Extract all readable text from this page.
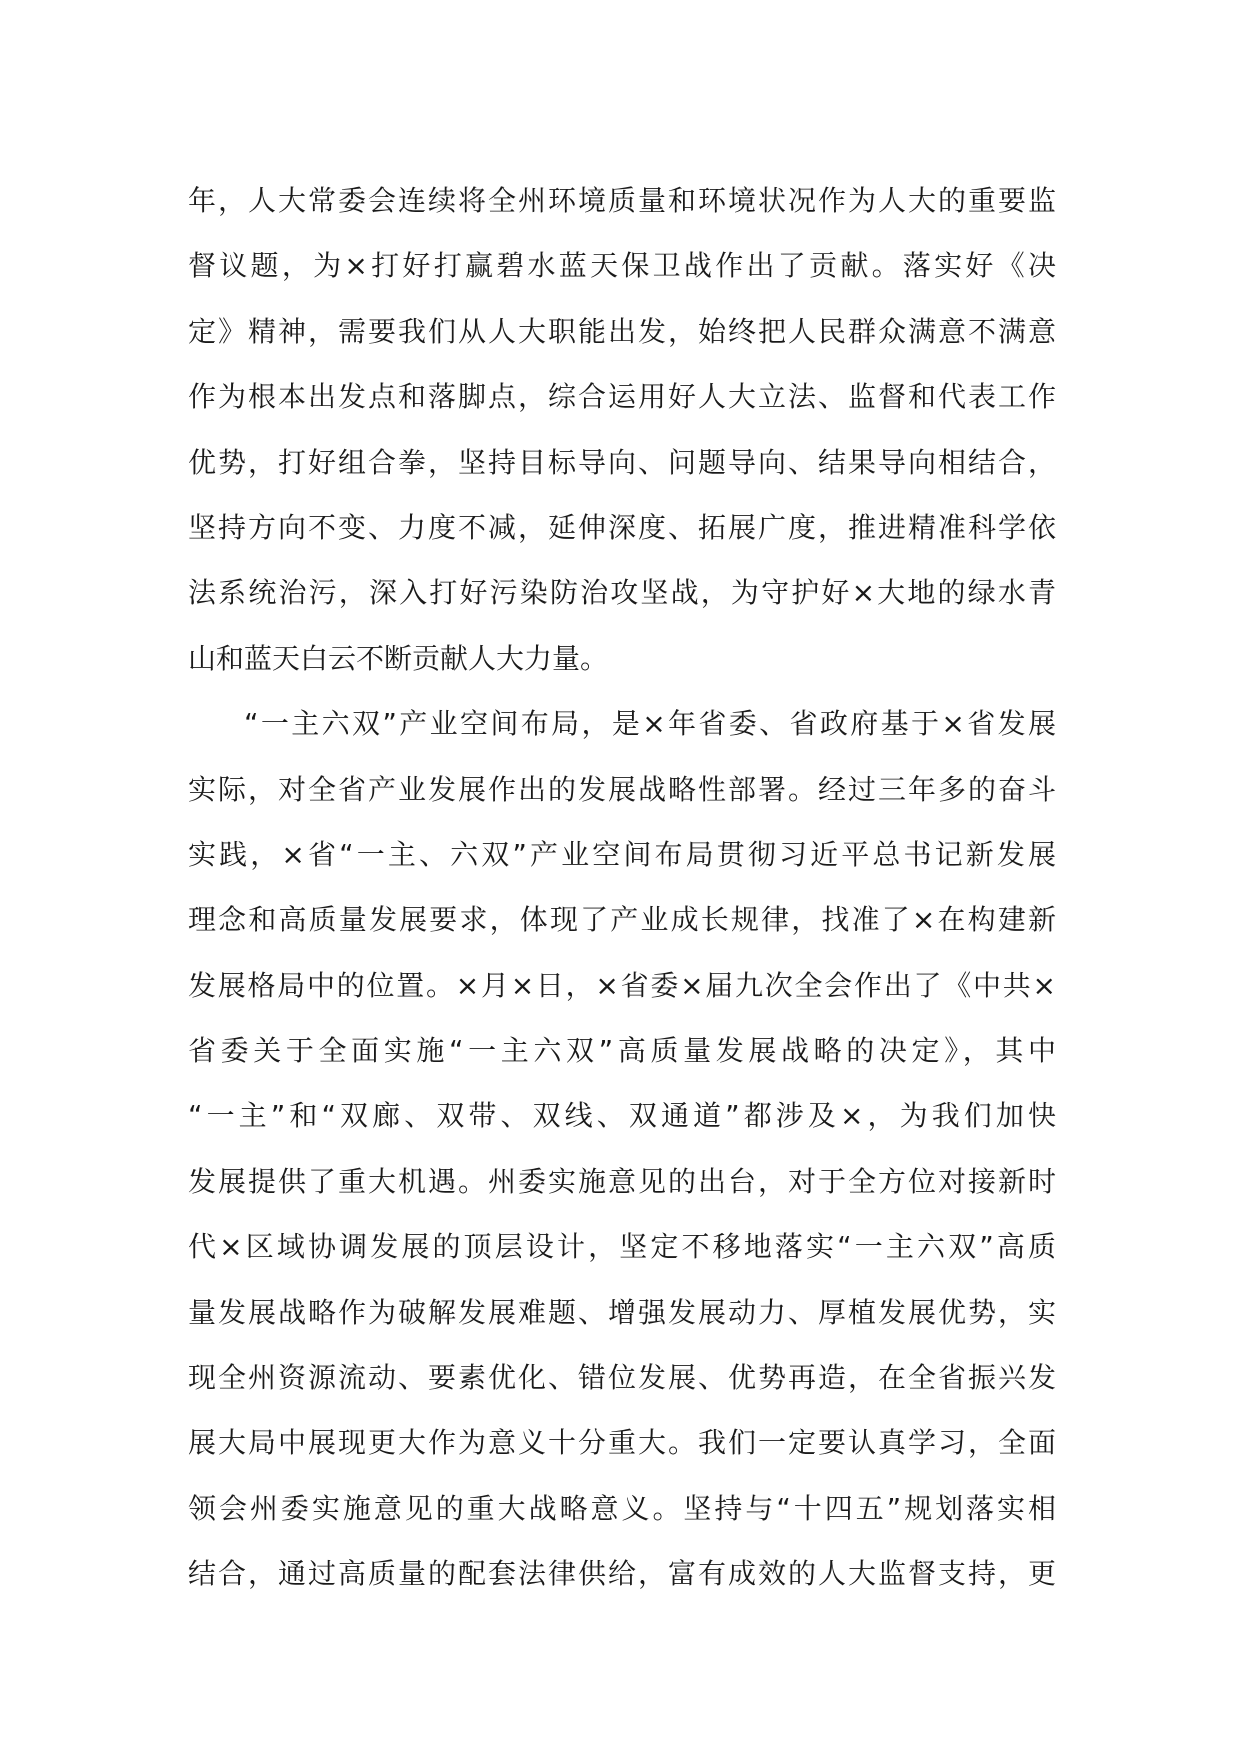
年，人大常委会连续将全州环境质量和环境状况作为人大的重要监
督议题，为×打好打赢碧水蓝天保卫战作出了贡献。落实好《决
定》精神，需要我们从人大职能出发，始终把人民群众满意不满意
作为根本出发点和落脚点，综合运用好人大立法、监督和代表工作
优势，打好组合拳，坚持目标导向、问题导向、结果导向相结合，
坚持方向不变、力度不减，延伸深度、拓展广度，推进精准科学依
法系统治污，深入打好污染防治攻坚战，为守护好×大地的绿水青
山和蓝天白云不断贡献人大力量。
“一主六双”产业空间布局，是×年省委、省政府基于×省发展
实际，对全省产业发展作出的发展战略性部署。经过三年多的奋斗
实践，×省“一主、六双”产业空间布局贯彻习近平总书记新发展
理念和高质量发展要求，体现了产业成长规律，找准了×在构建新
发展格局中的位置。×月×日，×省委×届九次全会作出了《中共×
省委关于全面实施“一主六双”高质量发展战略的决定》，其中
“一主”和“双廊、双带、双线、双通道”都涉及×，为我们加快
发展提供了重大机遇。州委实施意见的出台，对于全方位对接新时
代×区域协调发展的顶层设计，坚定不移地落实“一主六双”高质
量发展战略作为破解发展难题、增强发展动力、厚植发展优势，实
现全州资源流动、要素优化、错位发展、优势再造，在全省振兴发
展大局中展现更大作为意义十分重大。我们一定要认真学习，全面
领会州委实施意见的重大战略意义。坚持与“十四五”规划落实相
结合，通过高质量的配套法律供给，富有成效的人大监督支持，更
